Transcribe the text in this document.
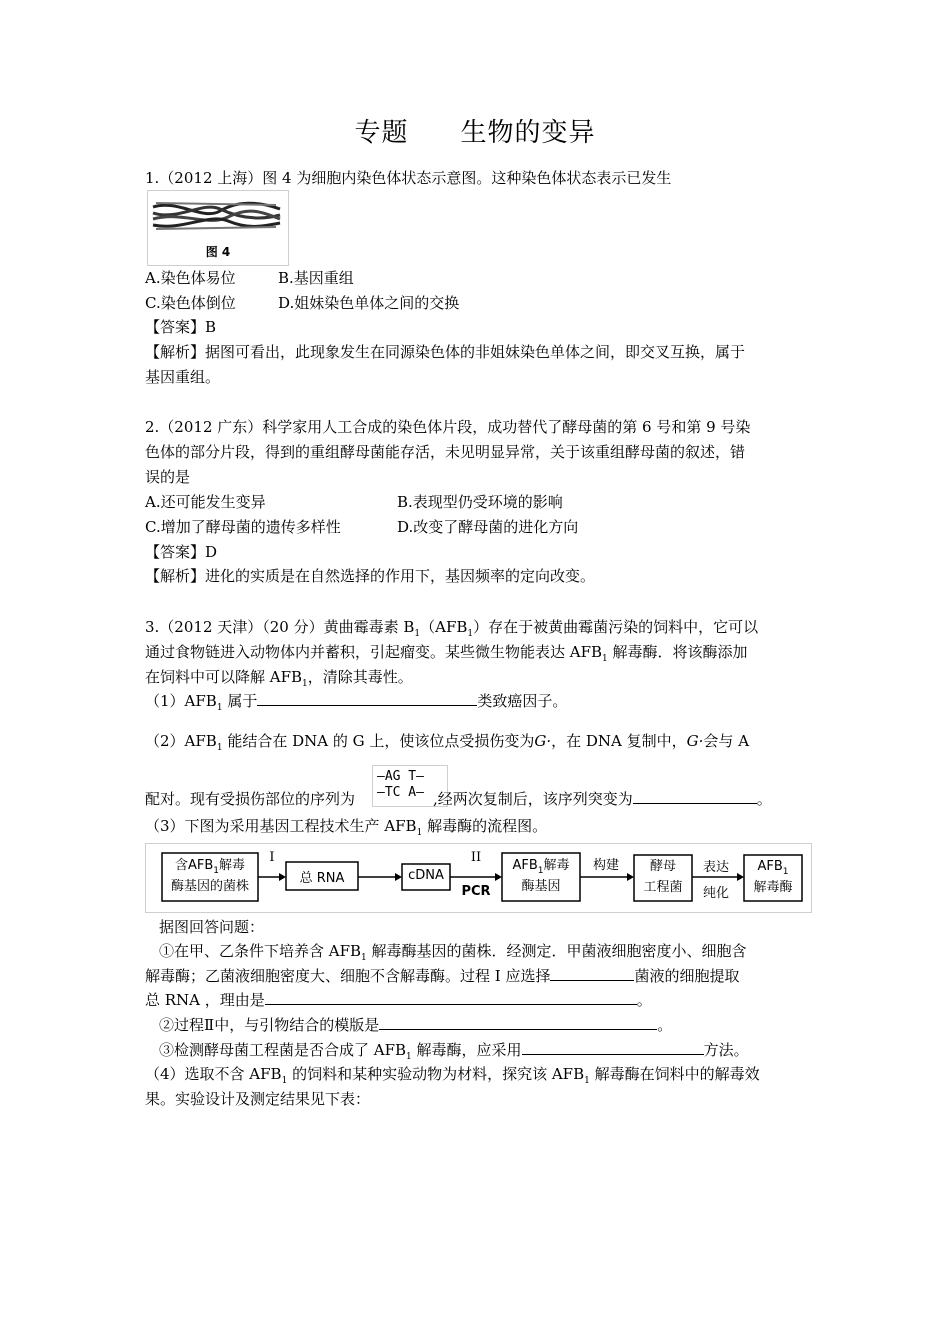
专题 生物的变异
1.（2012 上海）图 4 为细胞内染色体状态示意图。这种染色体状态表示已发生
图 4
A.染色体易位	B.基因重组
C.染色体倒位	D.姐妹染色单体之间的交换
【答案】B
【解析】据图可看出，此现象发生在同源染色体的非姐妹染色单体之间，即交叉互换，属于
基因重组。
2.（2012 广东）科学家用人工合成的染色体片段，成功替代了酵母菌的第 6 号和第 9 号染
色体的部分片段，得到的重组酵母菌能存活，未见明显异常，关于该重组酵母菌的叙述，错
误的是
A.还可能发生变异	B.表现型仍受环境的影响
C.增加了酵母菌的遗传多样性	D.改变了酵母菌的进化方向
【答案】D
【解析】进化的实质是在自然选择的作用下，基因频率的定向改变。
3.（2012 天津）（20 分）黄曲霉毒素 $B_1(AFB_1)$存在于被黄曲霉菌污染的饲料中，它可以
通过食物链进入动物体内并蓄积，引起瘤变。某些微生物能表达 $AFB_1$ 解毒酶．将该酶添加
在饲料中可以降解 $AFB_1$，清除其毒性。
$(1)AFB_1$ 属于	类致癌因子。
$(2)AFB_1$ 能结合在 DNA 的 G 上，使该位点受损伤变为G·，在 DNA 复制中，G·会与 A
—AG T—
—TC A—
配对。现有受损伤部位的序列为	,经两次复制后，该序列突变为	。
（3）下图为采用基因工程技术生产 $AFB_1$ 解毒酶的流程图。
含$AFB_1$解毒
酶基因的菌株
I
总 RNA	cDNA
II
PCR
$AFB_1$解毒
酶基因
构建	酵母
工程菌
表达
纯化
$AFB_1$
解毒酶
据图回答问题：
①在甲、乙条件下培养含 $AFB_1$ 解毒酶基因的菌株．经测定．甲菌液细胞密度小、细胞含
解毒酶；乙菌液细胞密度大、细胞不含解毒酶。过程 I 应选择	菌液的细胞提取
总 RNA ，理由是	。
②过程Ⅱ中，与引物结合的模版是	。
③检测酵母菌工程菌是否合成了 $AFB_1$ 解毒酶，应采用	方法。
（4）选取不含 $AFB_1$ 的饲料和某种实验动物为材料，探究该 $AFB_1$ 解毒酶在饲料中的解毒效
果。实验设计及测定结果见下表：
